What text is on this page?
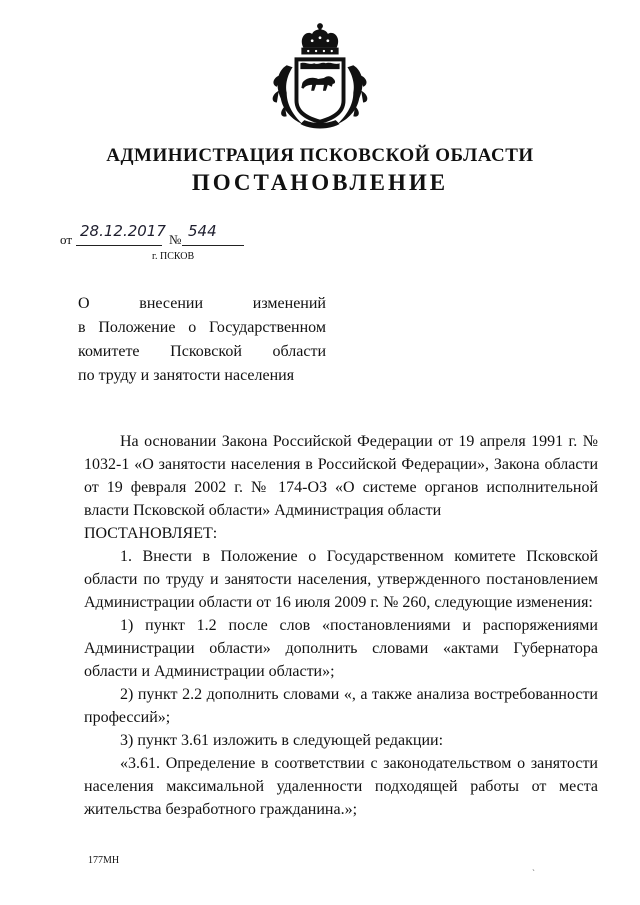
АДМИНИСТРАЦИЯ ПСКОВСКОЙ ОБЛАСТИ
ПОСТАНОВЛЕНИЕ
от 28.12.2017 № 544
г. ПСКОВ
О внесении изменений
в Положение о Государственном
комитете Псковской области
по труду и занятости населения

На основании Закона Российской Федерации от 19 апреля 1991 г. № 1032-1 «О занятости населения в Российской Федерации», Закона области от 19 февраля 2002 г. № 174-ОЗ «О системе органов исполнительной власти Псковской области» Администрация области

ПОСТАНОВЛЯЕТ:

1. Внести в Положение о Государственном комитете Псковской области по труду и занятости населения, утвержденного постановлением Администрации области от 16 июля 2009 г. № 260, следующие изменения:

1) пункт 1.2 после слов «постановлениями и распоряжениями Администрации области» дополнить словами «актами Губернатора области и Администрации области»;

2) пункт 2.2 дополнить словами «, а также анализа востребованности профессий»;

3) пункт 3.61 изложить в следующей редакции:

«3.61. Определение в соответствии с законодательством о занятости населения максимальной удаленности подходящей работы от места жительства безработного гражданина.»;

177МН
`
